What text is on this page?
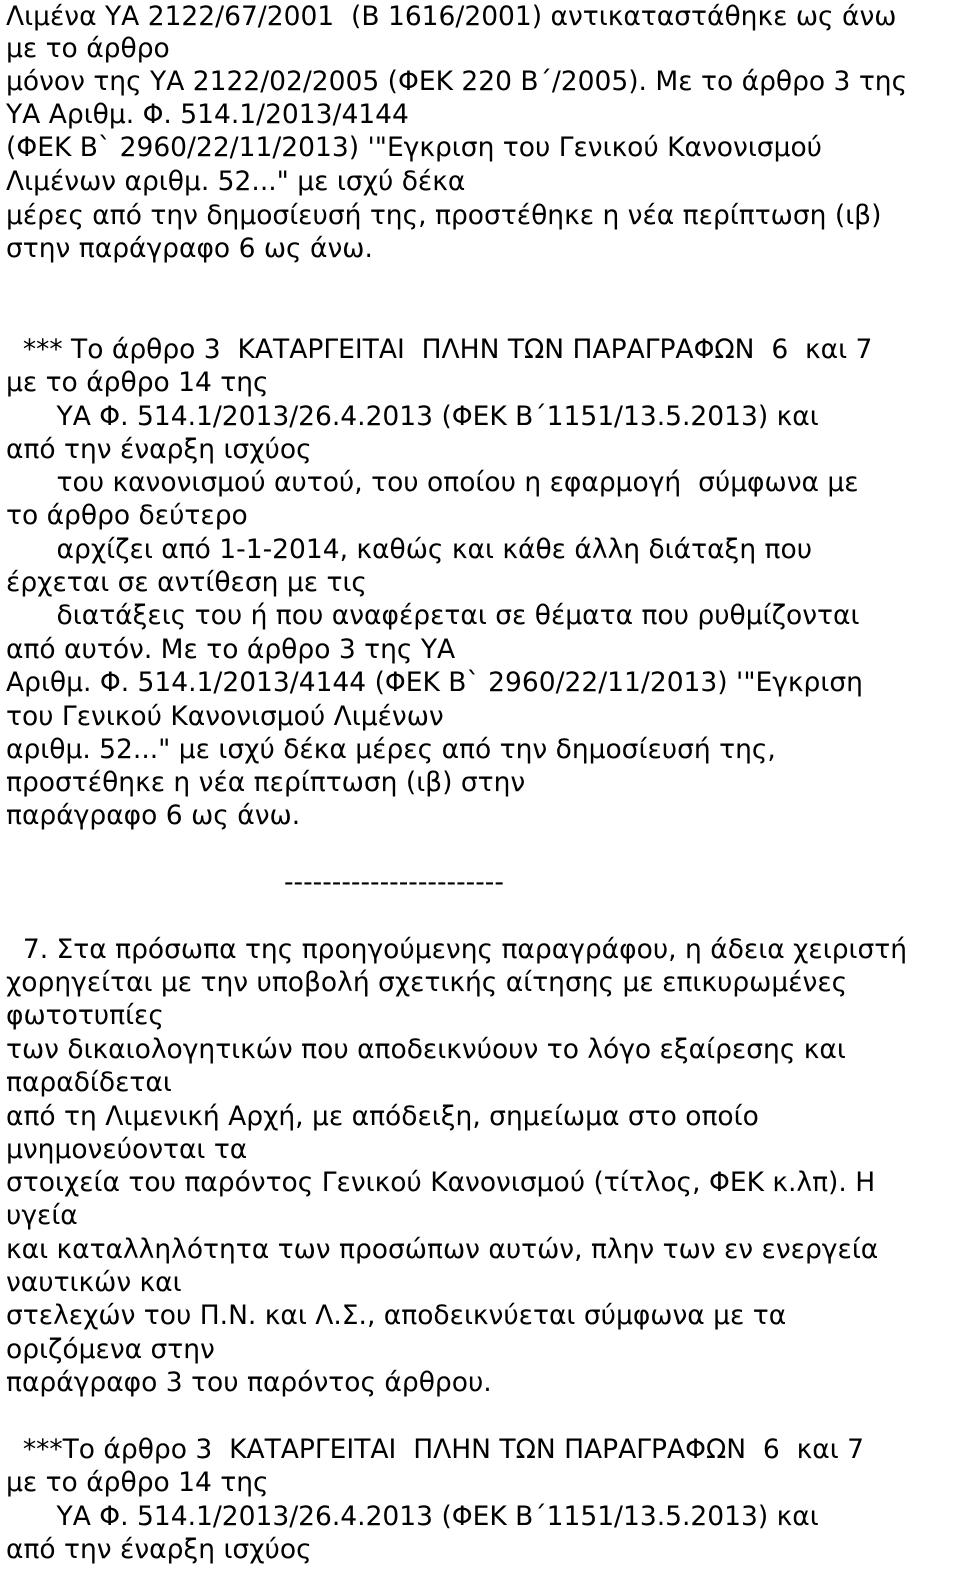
Λιμένα ΥΑ 2122/67/2001  (Β 1616/2001) αντικαταστάθηκε ως άνω

με το άρθρο

μόνον της ΥΑ 2122/02/2005 (ΦΕΚ 220 Β΄/2005). Με το άρθρο 3 της

ΥΑ Αριθμ. Φ. 514.1/2013/4144

(ΦΕΚ Β` 2960/22/11/2013) '"Εγκριση του Γενικού Κανονισμού

Λιμένων αριθμ. 52..." με ισχύ δέκα

μέρες από την δημοσίευσή της, προστέθηκε η νέα περίπτωση (ιβ)

στην παράγραφο 6 ως άνω.

*** Το άρθρο 3  ΚΑΤΑΡΓΕΙΤΑΙ  ΠΛΗΝ ΤΩΝ ΠΑΡΑΓΡΑΦΩΝ  6  και 7

με το άρθρο 14 της

ΥΑ Φ. 514.1/2013/26.4.2013 (ΦΕΚ Β΄1151/13.5.2013) και

από την έναρξη ισχύος

του κανονισμού αυτού, του οποίου η εφαρμογή  σύμφωνα με

το άρθρο δεύτερο

αρχίζει από 1-1-2014, καθώς και κάθε άλλη διάταξη που

έρχεται σε αντίθεση με τις

διατάξεις του ή που αναφέρεται σε θέματα που ρυθμίζονται

από αυτόν. Με το άρθρο 3 της ΥΑ

Αριθμ. Φ. 514.1/2013/4144 (ΦΕΚ Β` 2960/22/11/2013) '"Εγκριση

του Γενικού Κανονισμού Λιμένων

αριθμ. 52..." με ισχύ δέκα μέρες από την δημοσίευσή της,

προστέθηκε η νέα περίπτωση (ιβ) στην

παράγραφο 6 ως άνω.

-----------------------

7. Στα πρόσωπα της προηγούμενης παραγράφου, η άδεια χειριστή

χορηγείται με την υποβολή σχετικής αίτησης με επικυρωμένες

φωτοτυπίες

των δικαιολογητικών που αποδεικνύουν το λόγο εξαίρεσης και

παραδίδεται

από τη Λιμενική Αρχή, με απόδειξη, σημείωμα στο οποίο

μνημονεύονται τα

στοιχεία του παρόντος Γενικού Κανονισμού (τίτλος, ΦΕΚ κ.λπ). Η

υγεία

και καταλληλότητα των προσώπων αυτών, πλην των εν ενεργεία

ναυτικών και

στελεχών του Π.Ν. και Λ.Σ., αποδεικνύεται σύμφωνα με τα

οριζόμενα στην

παράγραφο 3 του παρόντος άρθρου.

***Το άρθρο 3  ΚΑΤΑΡΓΕΙΤΑΙ  ΠΛΗΝ ΤΩΝ ΠΑΡΑΓΡΑΦΩΝ  6  και 7

με το άρθρο 14 της

ΥΑ Φ. 514.1/2013/26.4.2013 (ΦΕΚ Β΄1151/13.5.2013) και

από την έναρξη ισχύος
